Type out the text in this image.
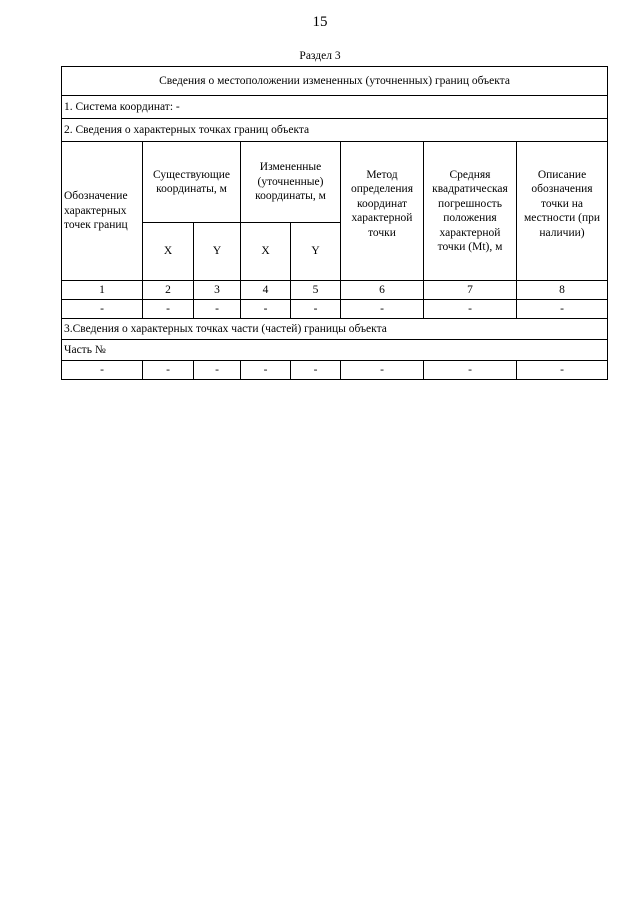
15
Раздел 3
Сведения о местоположении измененных (уточненных) границ объекта							
1. Система координат: -							
2. Сведения о характерных точках границ объекта							
Обозначение характерных точек границ	Существующие координаты, м		Измененные (уточненные) координаты, м		Метод определения координат характерной точки	Средняя квадратическая погрешность положения характерной точки (Mt), м	Описание обозначения точки на местности (при наличии)
	X	Y	X	Y			
1	2	3	4	5	6	7	8
-	-	-	-	-	-	-	-
3.Сведения о характерных точках части (частей) границы объекта							
Часть №							
-	-	-	-	-	-	-	-
